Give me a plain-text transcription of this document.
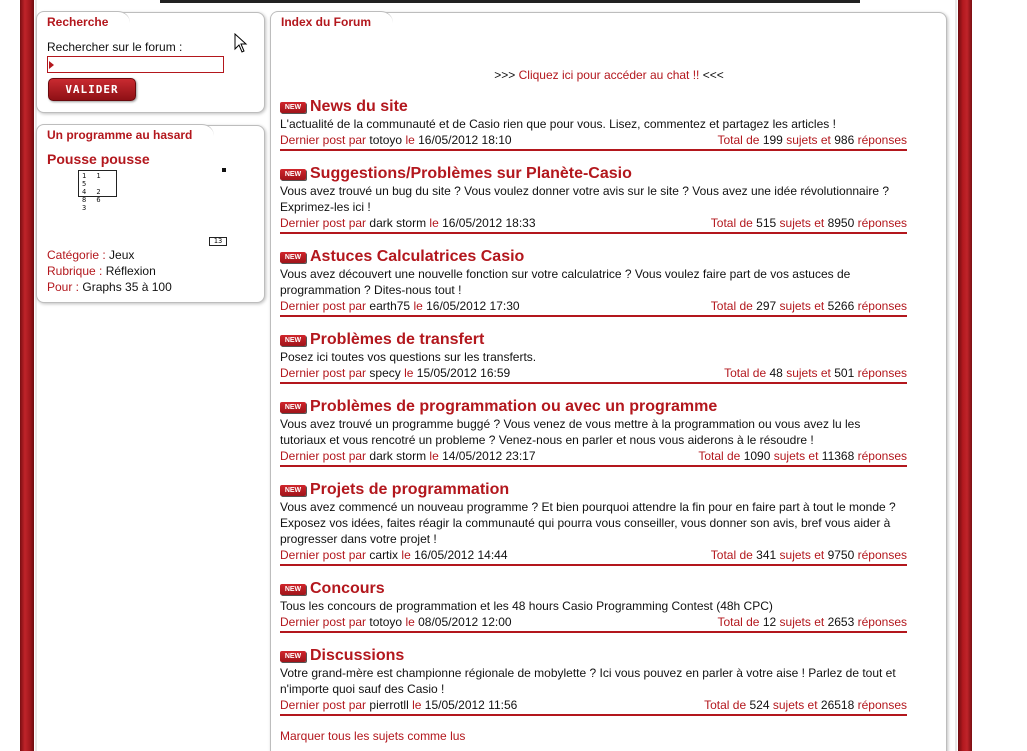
Recherche
Rechercher sur le forum :
VALIDER
Un programme au hasard
Pousse pousse
1 1 5
4 2
8 6 3
13
Catégorie : Jeux
Rubrique : Réflexion
Pour : Graphs 35 à 100
Index du Forum
>>> Cliquez ici pour accéder au chat !! <<<
NEW News du site
L'actualité de la communauté et de Casio rien que pour vous. Lisez, commentez et partagez les articles !
Dernier post par totoyo le 16/05/2012 18:10	Total de 199 sujets et 986 réponses
NEW Suggestions/Problèmes sur Planète-Casio
Vous avez trouvé un bug du site ? Vous voulez donner votre avis sur le site ? Vous avez une idée révolutionnaire ? Exprimez-les ici !
Dernier post par dark storm le 16/05/2012 18:33	Total de 515 sujets et 8950 réponses
NEW Astuces Calculatrices Casio
Vous avez découvert une nouvelle fonction sur votre calculatrice ? Vous voulez faire part de vos astuces de programmation ? Dites-nous tout !
Dernier post par earth75 le 16/05/2012 17:30	Total de 297 sujets et 5266 réponses
NEW Problèmes de transfert
Posez ici toutes vos questions sur les transferts.
Dernier post par specy le 15/05/2012 16:59	Total de 48 sujets et 501 réponses
NEW Problèmes de programmation ou avec un programme
Vous avez trouvé un programme buggé ? Vous venez de vous mettre à la programmation ou vous avez lu les tutoriaux et vous rencotré un probleme ? Venez-nous en parler et nous vous aiderons à le résoudre !
Dernier post par dark storm le 14/05/2012 23:17	Total de 1090 sujets et 11368 réponses
NEW Projets de programmation
Vous avez commencé un nouveau programme ? Et bien pourquoi attendre la fin pour en faire part à tout le monde ? Exposez vos idées, faites réagir la communauté qui pourra vous conseiller, vous donner son avis, bref vous aider à progresser dans votre projet !
Dernier post par cartix le 16/05/2012 14:44	Total de 341 sujets et 9750 réponses
NEW Concours
Tous les concours de programmation et les 48 hours Casio Programming Contest (48h CPC)
Dernier post par totoyo le 08/05/2012 12:00	Total de 12 sujets et 2653 réponses
NEW Discussions
Votre grand-mère est championne régionale de mobylette ? Ici vous pouvez en parler à votre aise ! Parlez de tout et n'importe quoi sauf des Casio !
Dernier post par pierrotll le 15/05/2012 11:56	Total de 524 sujets et 26518 réponses
Marquer tous les sujets comme lus
